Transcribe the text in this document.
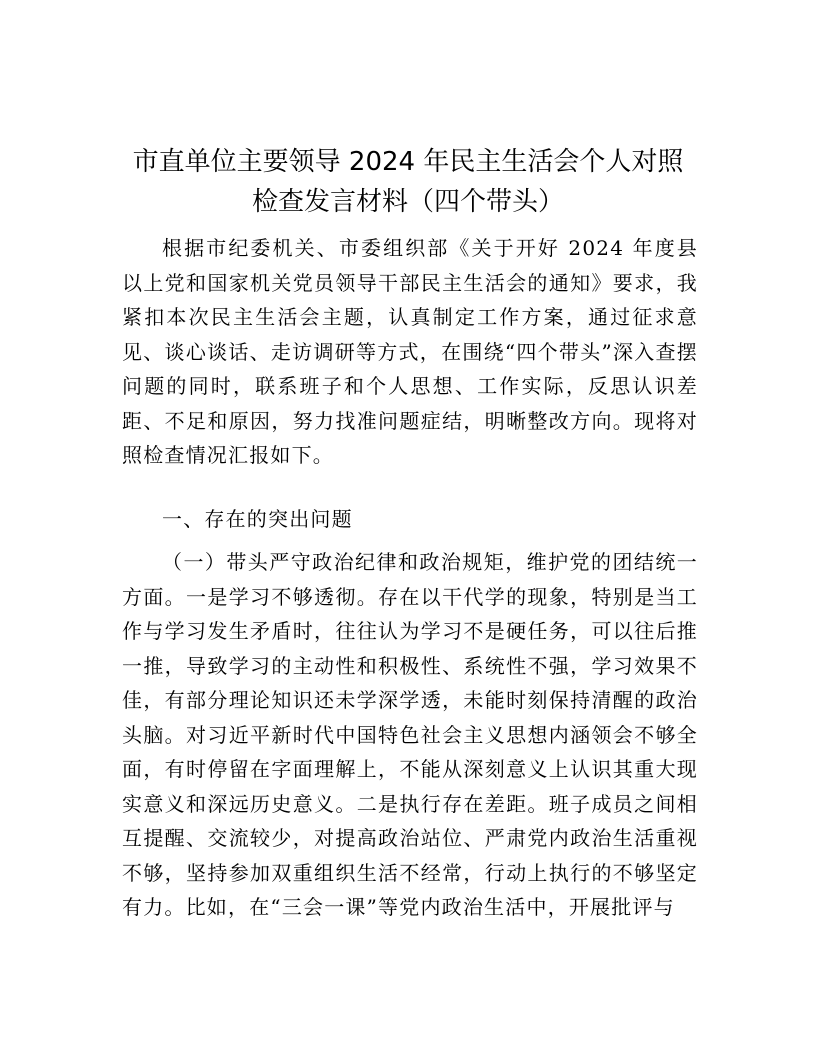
市直单位主要领导 2024 年民主生活会个人对照
检查发言材料（四个带头）

根据市纪委机关、市委组织部《关于开好 2024 年度县以上党和国家机关党员领导干部民主生活会的通知》要求，我紧扣本次民主生活会主题，认真制定工作方案，通过征求意见、谈心谈话、走访调研等方式，在围绕“四个带头”深入查摆问题的同时，联系班子和个人思想、工作实际，反思认识差距、不足和原因，努力找准问题症结，明晰整改方向。现将对照检查情况汇报如下。

一、存在的突出问题

（一）带头严守政治纪律和政治规矩，维护党的团结统一方面。一是学习不够透彻。存在以干代学的现象，特别是当工作与学习发生矛盾时，往往认为学习不是硬任务，可以往后推一推，导致学习的主动性和积极性、系统性不强，学习效果不佳，有部分理论知识还未学深学透，未能时刻保持清醒的政治头脑。对习近平新时代中国特色社会主义思想内涵领会不够全面，有时停留在字面理解上，不能从深刻意义上认识其重大现实意义和深远历史意义。二是执行存在差距。班子成员之间相互提醒、交流较少，对提高政治站位、严肃党内政治生活重视不够，坚持参加双重组织生活不经常，行动上执行的不够坚定有力。比如，在“三会一课”等党内政治生活中，开展批评与
